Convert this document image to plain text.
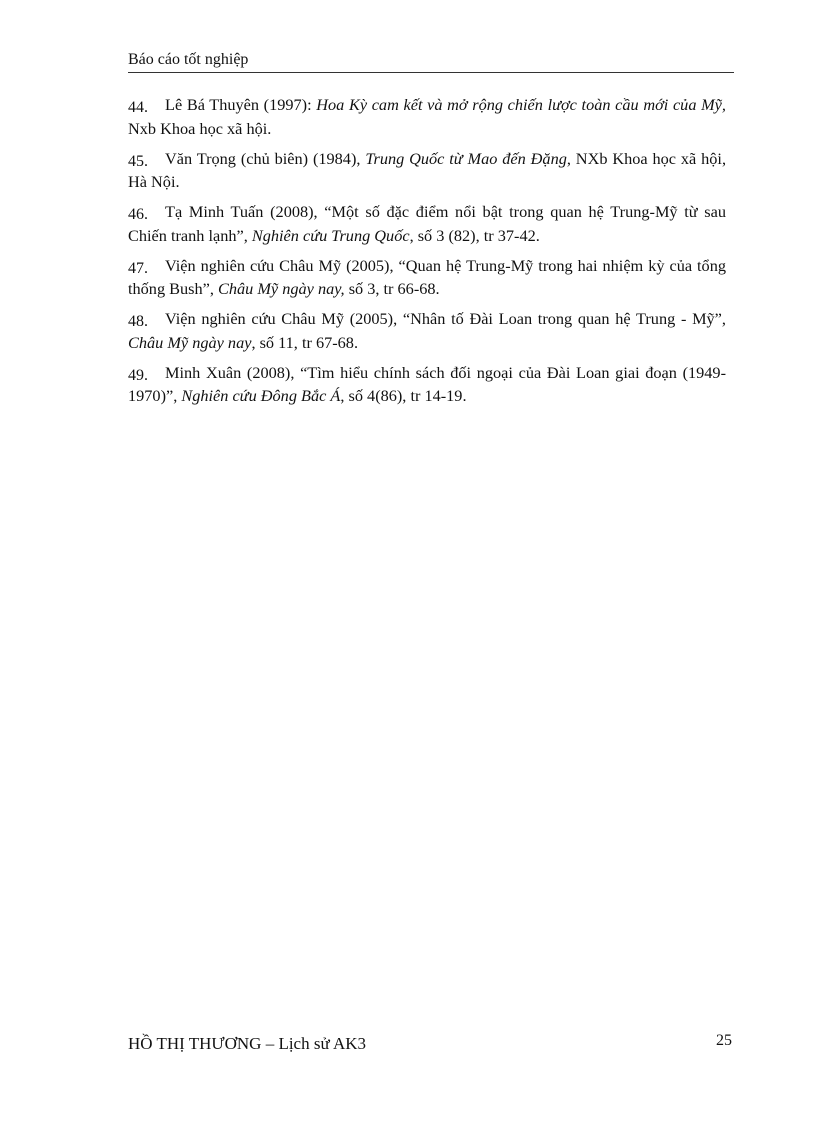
Báo cáo tốt nghiệp
44. Lê Bá Thuyên (1997): Hoa Kỳ cam kết và mở rộng chiến lược toàn cầu mới của Mỹ, Nxb Khoa học xã hội.
45. Văn Trọng (chủ biên) (1984), Trung Quốc từ Mao đến Đặng, NXb Khoa học xã hội, Hà Nội.
46. Tạ Minh Tuấn (2008), “Một số đặc điểm nổi bật trong quan hệ Trung-Mỹ từ sau Chiến tranh lạnh”, Nghiên cứu Trung Quốc, số 3 (82), tr 37-42.
47. Viện nghiên cứu Châu Mỹ (2005), “Quan hệ Trung-Mỹ trong hai nhiệm kỳ của tổng thống Bush”, Châu Mỹ ngày nay, số 3, tr 66-68.
48. Viện nghiên cứu Châu Mỹ (2005), “Nhân tố Đài Loan trong quan hệ Trung - Mỹ”, Châu Mỹ ngày nay, số 11, tr 67-68.
49. Minh Xuân (2008), “Tìm hiểu chính sách đối ngoại của Đài Loan giai đoạn (1949-1970)”, Nghiên cứu Đông Bắc Á, số 4(86), tr 14-19.
HỒ THỊ THƯƠNG – Lịch sử AK3	25
